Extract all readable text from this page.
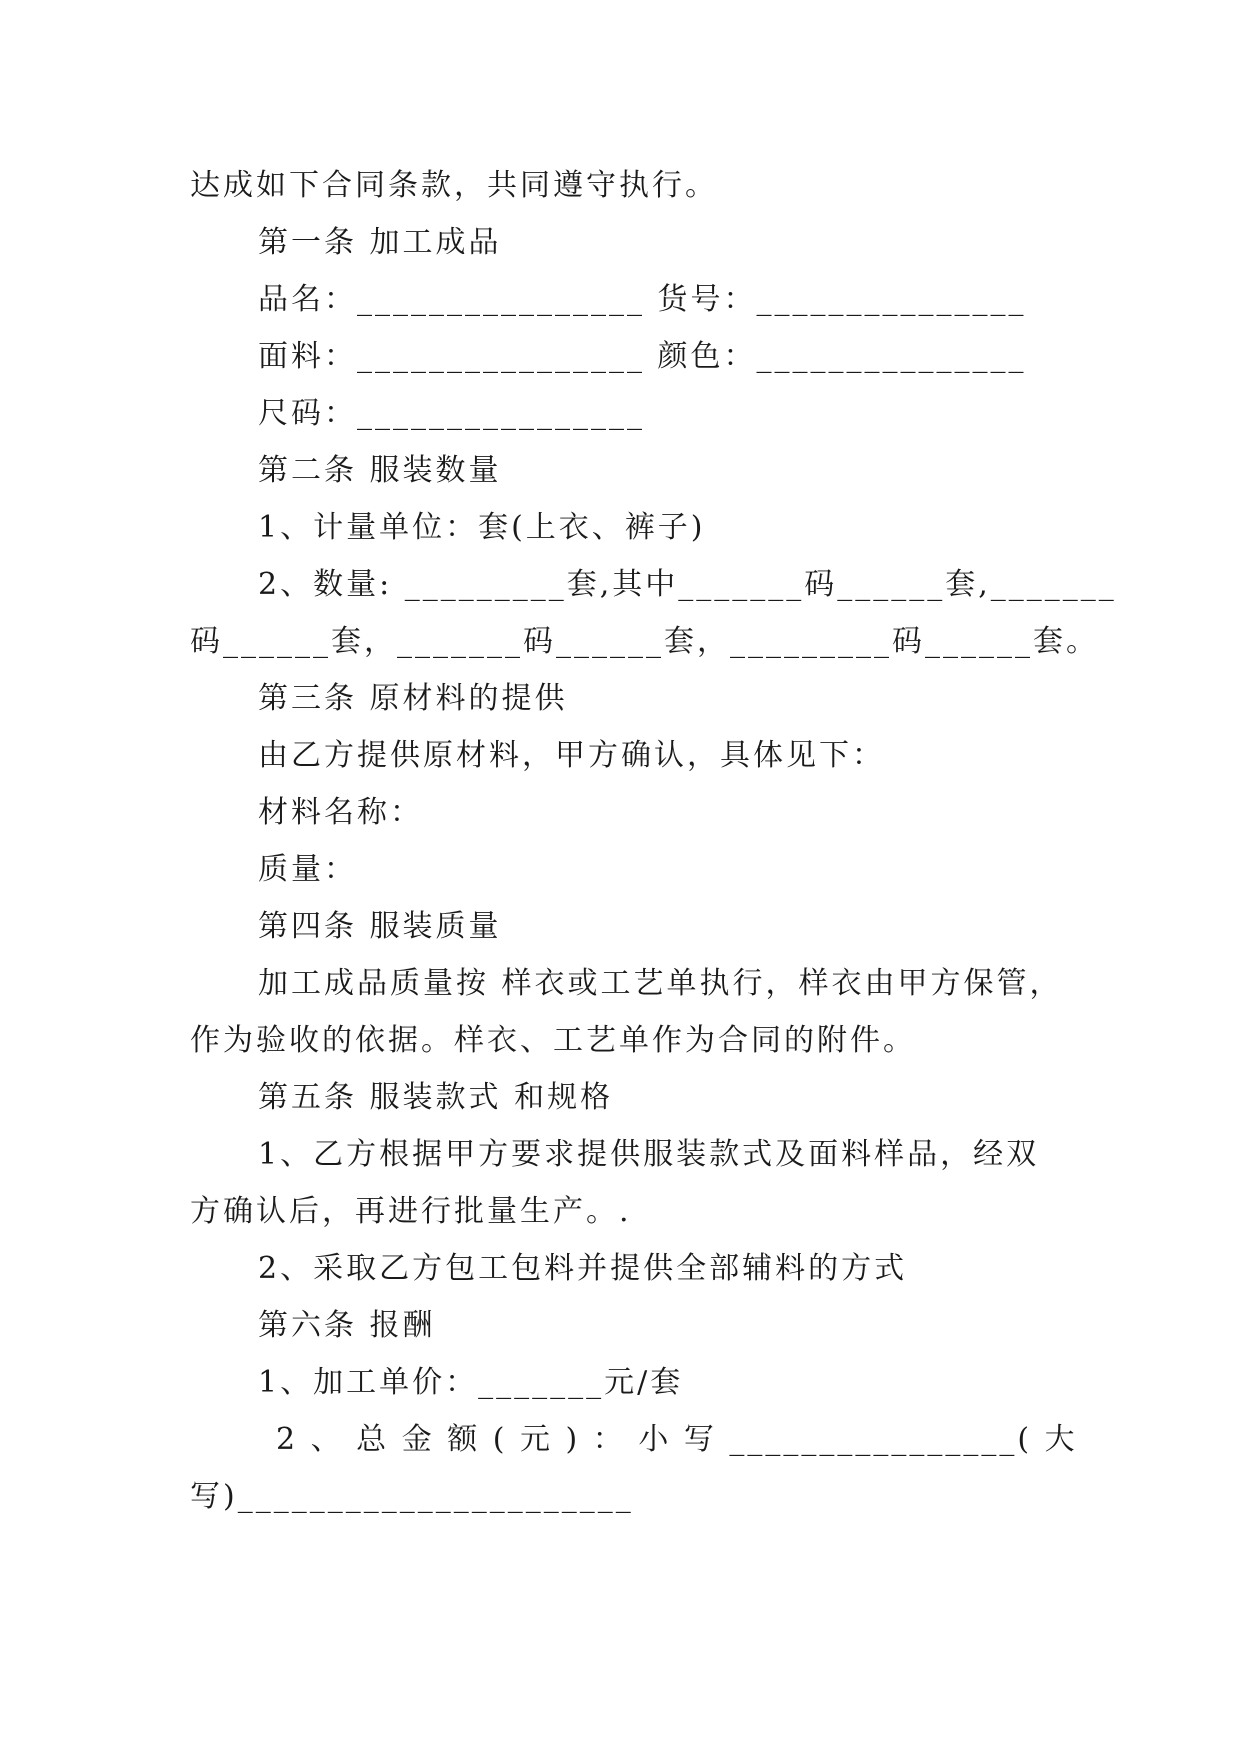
达成如下合同条款，共同遵守执行。
第一条 加工成品
品名：________________ 货号：_______________
面料：________________ 颜色：_______________
尺码：________________
第二条 服装数量
1、计量单位：套(上衣、裤子)
2、数量: _________套,其中_______码______套,_______
码______套，_______码______套，_________码______套。
第三条 原材料的提供
由乙方提供原材料，甲方确认，具体见下：
材料名称：
质量：
第四条 服装质量
加工成品质量按 样衣或工艺单执行，样衣由甲方保管，
作为验收的依据。样衣、工艺单作为合同的附件。
第五条 服装款式 和规格
1、乙方根据甲方要求提供服装款式及面料样品，经双
方确认后，再进行批量生产。.
2、采取乙方包工包料并提供全部辅料的方式
第六条 报酬
1、加工单价：_______元/套
2 、 总 金 额 ( 元 ) ： 小 写 ________________( 大
写)______________________
